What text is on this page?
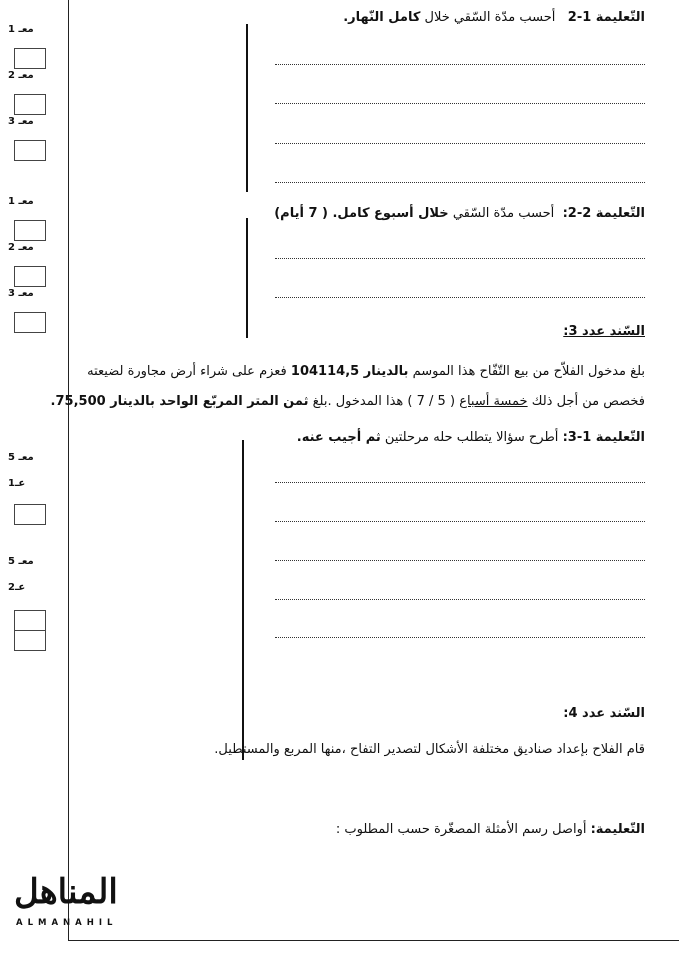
معـ 1
معـ 2
معـ 3
معـ 1
معـ 2
معـ 3
معـ 5
عـ1
معـ 5
عـ2
التّعليمة 1-2   أحسب مدّة السّقي خلال كامل النّهار.
التّعليمة 2-2:  أحسب مدّة السّقي خلال أسبوع كامل. ( 7 أيام)
السّند عدد 3:
بلغ مدخول الفلاّح من بيع التّفّاح هذا الموسم بالدينار 104114,5 فعزم على شراء أرض مجاورة لضيعته
فخصص من أجل ذلك خمسة أسباع ( 5 / 7 ) هذا المدخول .بلغ ثمن المتر المربّع الواحد بالدينار 75,500.
التّعليمة 1-3: أطرح سؤالا يتطلب حله مرحلتين ثم أجيب عنه.
السّند عدد 4:
قام الفلاح بإعداد صناديق مختلفة الأشكال لتصدير التفاح ،منها المربع والمستطيل.
التّعليمة: أواصل رسم الأمثلة المصغّرة حسب المطلوب :
المناهل
ALMANAHIL
